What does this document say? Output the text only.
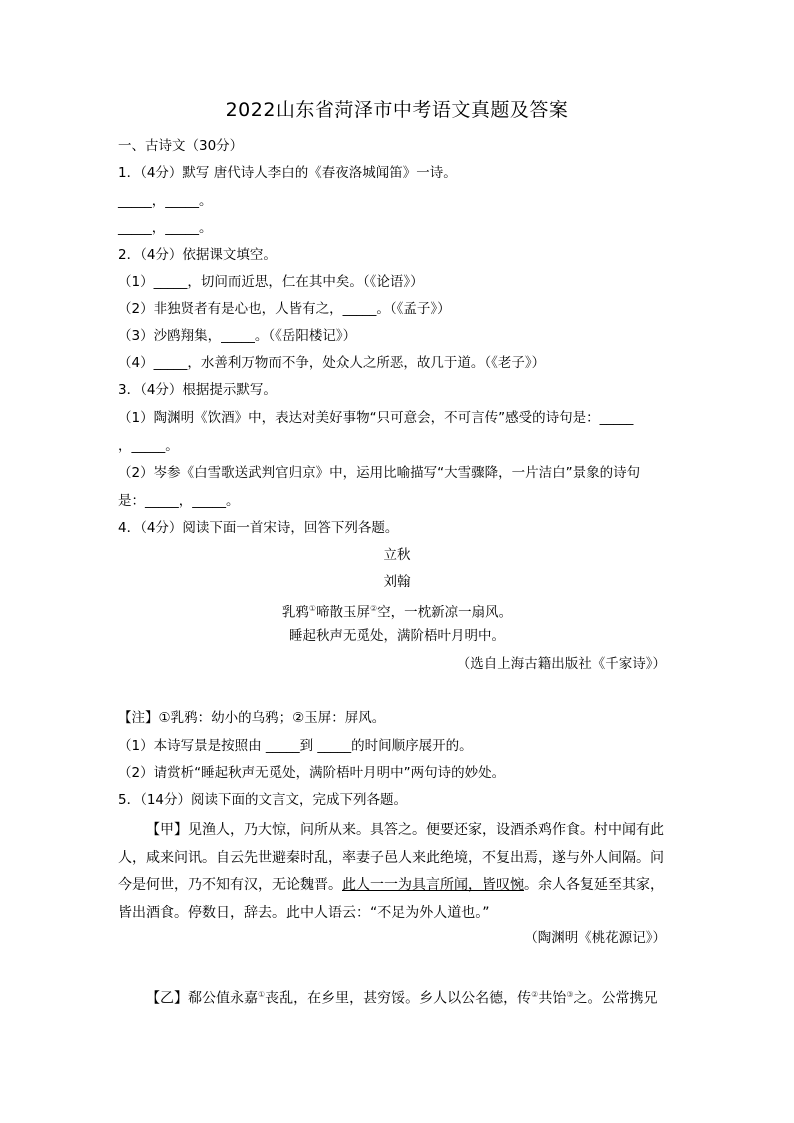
2022山东省菏泽市中考语文真题及答案
一、古诗文（30分）
1．（4分）默写 唐代诗人李白的《春夜洛城闻笛》一诗。
_____，_____。
_____，_____。
2．（4分）依据课文填空。
（1）_____，切问而近思，仁在其中矣。（《论语》）
（2）非独贤者有是心也，人皆有之，_____。（《孟子》）
（3）沙鸥翔集，_____。（《岳阳楼记》）
（4）_____，水善利万物而不争，处众人之所恶，故几于道。（《老子》）
3．（4分）根据提示默写。
（1）陶渊明《饮酒》中，表达对美好事物“只可意会，不可言传”感受的诗句是：_____
，_____。
（2）岑参《白雪歌送武判官归京》中，运用比喻描写“大雪骤降，一片洁白”景象的诗句
是：_____，_____。
4．（4分）阅读下面一首宋诗，回答下列各题。
立秋
刘翰
乳鸦①啼散玉屏②空，一枕新凉一扇风。
睡起秋声无觅处，满阶梧叶月明中。
（选自上海古籍出版社《千家诗》）
【注】①乳鸦：幼小的乌鸦；②玉屏：屏风。
（1）本诗写景是按照由 _____到 _____的时间顺序展开的。
（2）请赏析“睡起秋声无觅处，满阶梧叶月明中”两句诗的妙处。
5．（14分）阅读下面的文言文，完成下列各题。
【甲】见渔人，乃大惊，问所从来。具答之。便要还家，设酒杀鸡作食。村中闻有此人，咸来问讯。自云先世避秦时乱，率妻子邑人来此绝境，不复出焉，遂与外人间隔。问今是何世，乃不知有汉，无论魏晋。此人一一为具言所闻，皆叹惋。余人各复延至其家，皆出酒食。停数日，辞去。此中人语云：“不足为外人道也。”
（陶渊明《桃花源记》）
【乙】郗公值永嘉①丧乱，在乡里，甚穷馁。乡人以公名德，传②共饴③之。公常携兄
